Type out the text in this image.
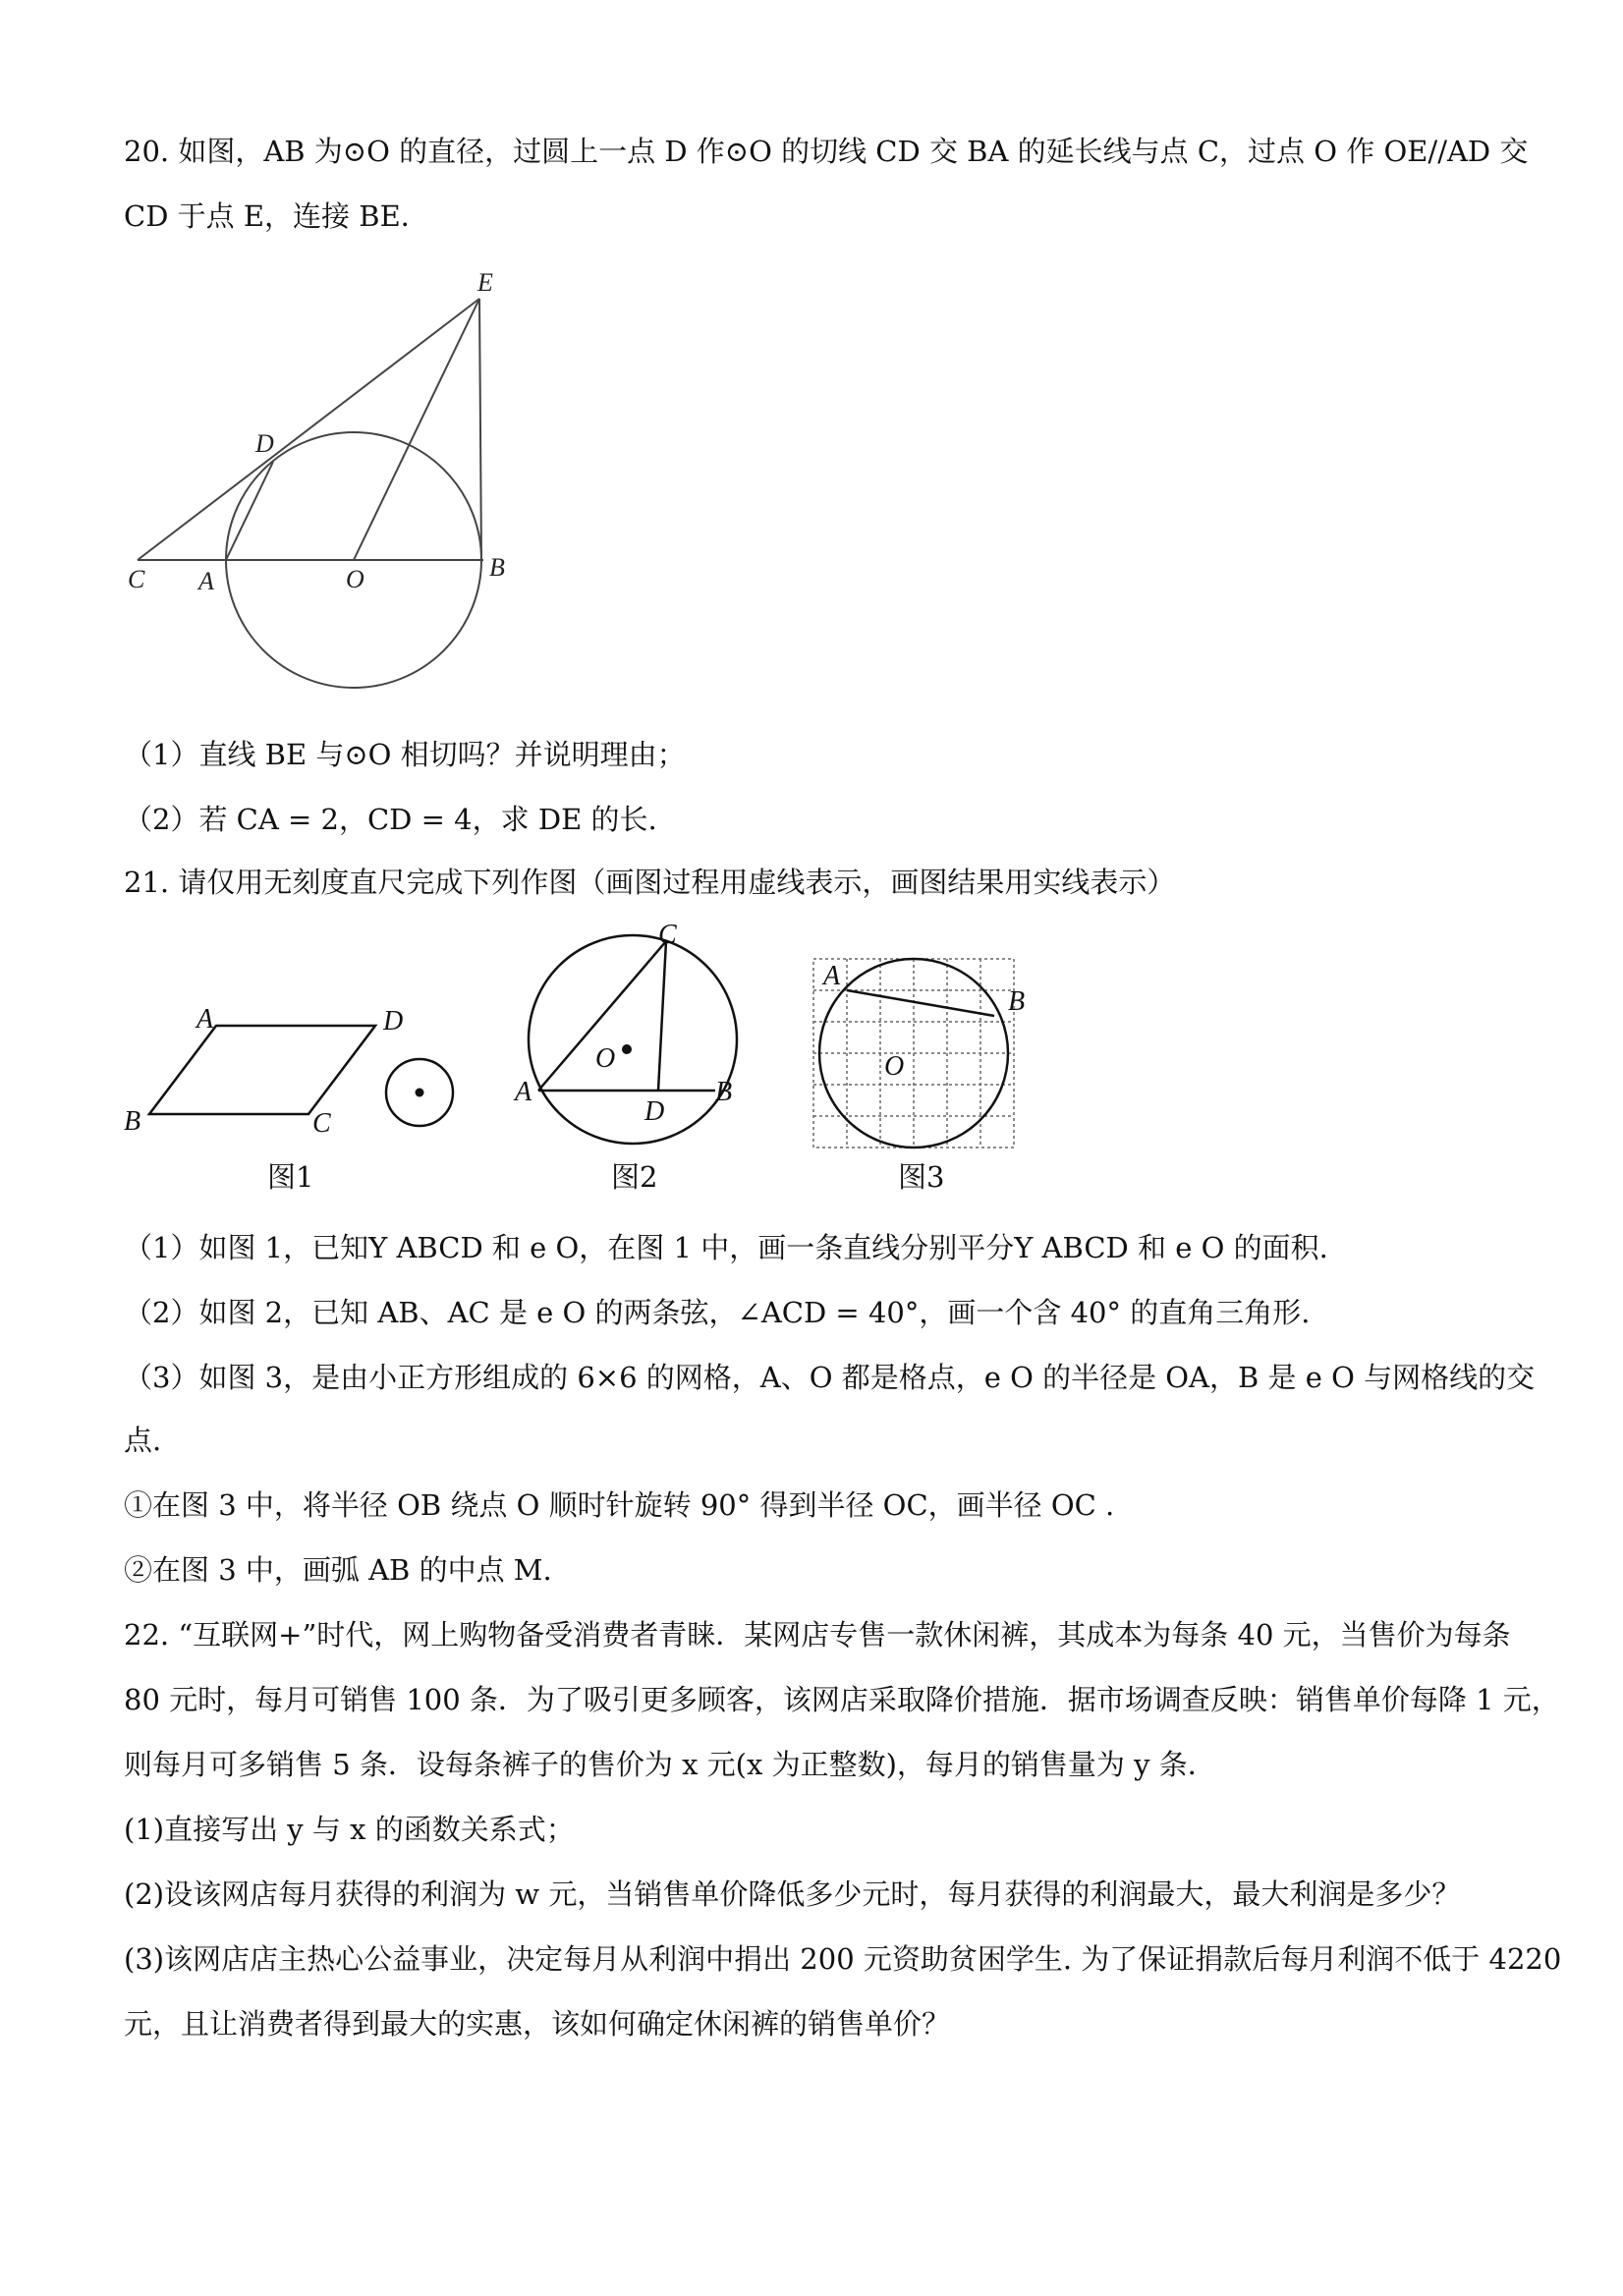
20. 如图，AB 为⊙O 的直径，过圆上一点 D 作⊙O 的切线 CD 交 BA 的延长线与点 C，过点 O 作 OE//AD 交
CD 于点 E，连接 BE．
E
D
C A	O	B
（1）直线 BE 与⊙O 相切吗？并说明理由；
（2）若 CA = 2，CD = 4，求 DE 的长.
21. 请仅用无刻度直尺完成下列作图（画图过程用虚线表示，画图结果用实线表示）
A	D
B	C
图1
C
O
A
D
B
图2
A
B
O
图3
（1）如图 1，已知Y ABCD 和 e O，在图 1 中，画一条直线分别平分Y ABCD 和 e O 的面积.
（2）如图 2，已知 AB、AC 是 e O 的两条弦，∠ACD = 40°，画一个含 40° 的直角三角形.
（3）如图 3，是由小正方形组成的 6×6 的网格，A、O 都是格点，e O 的半径是 OA，B 是 e O 与网格线的交
点.
①在图 3 中，将半径 OB 绕点 O 顺时针旋转 90° 得到半径 OC，画半径 OC .
②在图 3 中，画弧 AB 的中点 M.
22. “互联网+”时代，网上购物备受消费者青睐．某网店专售一款休闲裤，其成本为每条 40 元，当售价为每条
80 元时，每月可销售 100 条．为了吸引更多顾客，该网店采取降价措施．据市场调查反映：销售单价每降 1 元，
则每月可多销售 5 条．设每条裤子的售价为 x 元(x 为正整数)，每月的销售量为 y 条．
(1)直接写出 y 与 x 的函数关系式；
(2)设该网店每月获得的利润为 w 元，当销售单价降低多少元时，每月获得的利润最大，最大利润是多少？
(3)该网店店主热心公益事业，决定每月从利润中捐出 200 元资助贫困学生. 为了保证捐款后每月利润不低于 4220
元，且让消费者得到最大的实惠，该如何确定休闲裤的销售单价？
